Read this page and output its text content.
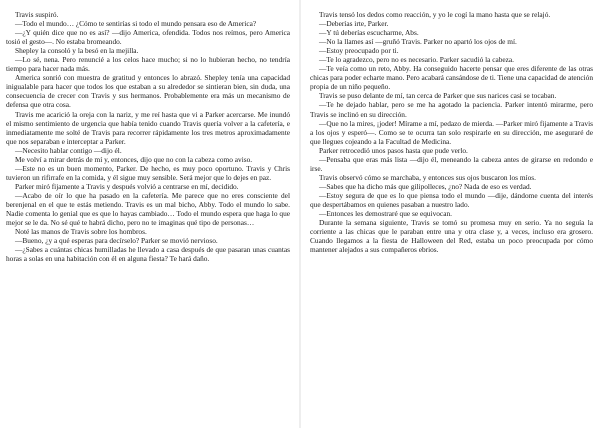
Travis suspiró.

—Todo el mundo… ¿Cómo te sentirías si todo el mundo pensara eso de America?

—¿Y quién dice que no es así? —dijo America, ofendida. Todos nos reímos, pero America tosió el gesto—. No estaba bromeando.

Shepley la consoló y la besó en la mejilla.

—Lo sé, nena. Pero renuncié a los celos hace mucho; si no lo hubieran hecho, no tendría tiempo para hacer nada más.

America sonrió con muestra de gratitud y entonces lo abrazó. Shepley tenía una capacidad inigualable para hacer que todos los que estaban a su alrededor se sintieran bien, sin duda, una consecuencia de crecer con Travis y sus hermanos. Probablemente era más un mecanismo de defensa que otra cosa.

Travis me acarició la oreja con la nariz, y me reí hasta que vi a Parker acercarse. Me inundó el mismo sentimiento de urgencia que había tenido cuando Travis quería volver a la cafetería, e inmediatamente me solté de Travis para recorrer rápidamente los tres metros aproximadamente que nos separaban e interceptar a Parker.

—Necesito hablar contigo —dijo él.

Me volví a mirar detrás de mí y, entonces, dijo que no con la cabeza como aviso.

—Este no es un buen momento, Parker. De hecho, es muy poco oportuno. Travis y Chris tuvieron un rifirrafe en la comida, y él sigue muy sensible. Será mejor que lo dejes en paz.

Parker miró fijamente a Travis y después volvió a centrarse en mí, decidido.

—Acabo de oír lo que ha pasado en la cafetería. Me parece que no eres consciente del berenjenal en el que te estás metiendo. Travis es un mal bicho, Abby. Todo el mundo lo sabe. Nadie comenta lo genial que es que lo hayas cambiado… Todo el mundo espera que haga lo que mejor se le da. No sé qué te habrá dicho, pero no te imaginas qué tipo de personas…

Noté las manos de Travis sobre los hombros.

—Bueno, ¿y a qué esperas para decírselo? Parker se movió nervioso.

—¿Sabes a cuántas chicas humilladas he llevado a casa después de que pasaran unas cuantas horas a solas en una habitación con él en alguna fiesta? Te hará daño.

Travis tensó los dedos como reacción, y yo le cogí la mano hasta que se relajó.

—Deberías irte, Parker.

—Y tú deberías escucharme, Abs.

—No la llames así —gruñó Travis. Parker no apartó los ojos de mí.

—Estoy preocupado por ti.

—Te lo agradezco, pero no es necesario. Parker sacudió la cabeza.

—Te veía como un reto, Abby. Ha conseguido hacerte pensar que eres diferente de las otras chicas para poder echarte mano. Pero acabará cansándose de ti. Tiene una capacidad de atención propia de un niño pequeño.

Travis se puso delante de mí, tan cerca de Parker que sus narices casi se tocaban.

—Te he dejado hablar, pero se me ha agotado la paciencia. Parker intentó mirarme, pero Travis se inclinó en su dirección.

—Que no la mires, ¡joder! Mírame a mí, pedazo de mierda. —Parker miró fijamente a Travis a los ojos y esperó—. Como se te ocurra tan solo respirarle en su dirección, me aseguraré de que llegues cojeando a la Facultad de Medicina.

Parker retrocedió unos pasos hasta que pude verlo.

—Pensaba que eras más lista —dijo él, meneando la cabeza antes de girarse en redondo e irse.

Travis observó cómo se marchaba, y entonces sus ojos buscaron los míos.

—Sabes que ha dicho más que gilipolleces, ¿no? Nada de eso es verdad.

—Estoy segura de que es lo que piensa todo el mundo —dije, dándome cuenta del interés que despertábamos en quienes pasaban a nuestro lado.

—Entonces les demostraré que se equivocan.

Durante la semana siguiente, Travis se tomó su promesa muy en serio. Ya no seguía la corriente a las chicas que le paraban entre una y otra clase y, a veces, incluso era grosero. Cuando llegamos a la fiesta de Halloween del Red, estaba un poco preocupada por cómo mantener alejados a sus compañeros ebrios.
